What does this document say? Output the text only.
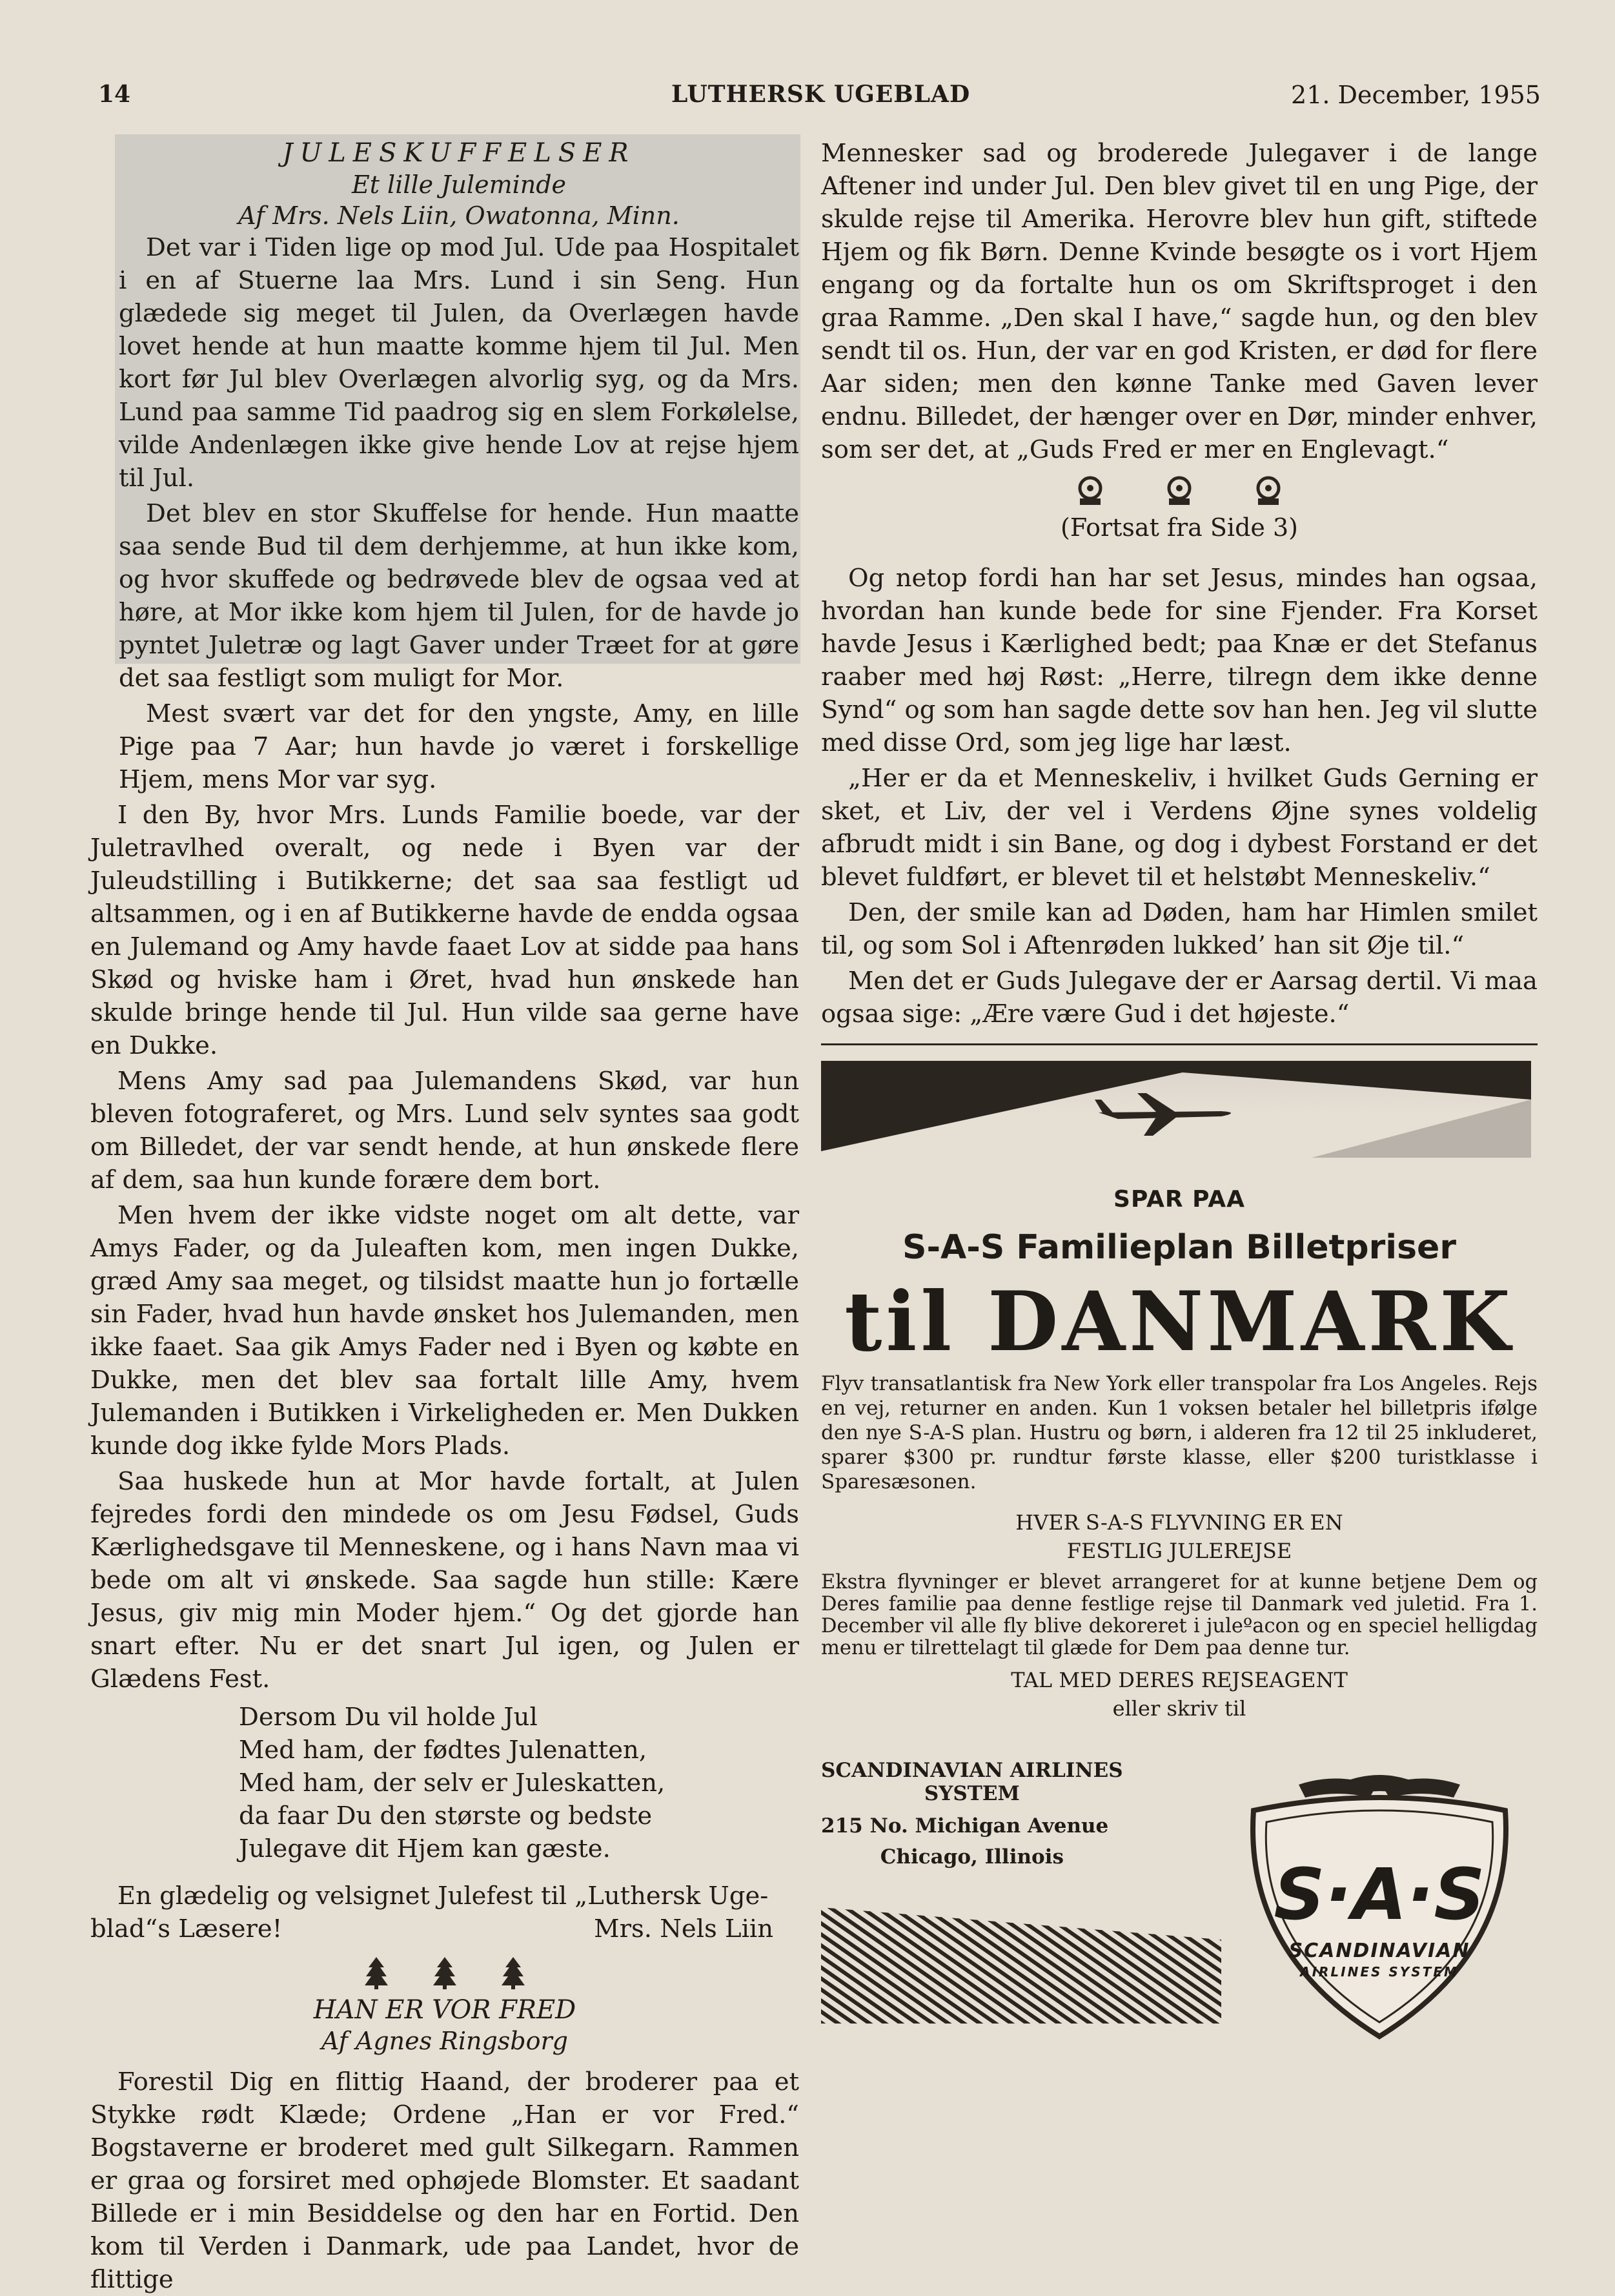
14	LUTHERSK UGEBLAD	21. December, 1955

JULESKUFFELSER

Et lille Juleminde

Af Mrs. Nels Liin, Owatonna, Minn.

Det var i Tiden lige op mod Jul. Ude paa Hospitalet i en af Stuerne laa Mrs. Lund i sin Seng. Hun glædede sig meget til Julen, da Overlægen havde lovet hende at hun maatte komme hjem til Jul. Men kort før Jul blev Overlægen alvorlig syg, og da Mrs. Lund paa samme Tid paadrog sig en slem Forkølelse, vilde Andenlægen ikke give hende Lov at rejse hjem til Jul.

Det blev en stor Skuffelse for hende. Hun maatte saa sende Bud til dem derhjemme, at hun ikke kom, og hvor skuffede og bedrøvede blev de ogsaa ved at høre, at Mor ikke kom hjem til Julen, for de havde jo pyntet Juletræ og lagt Gaver under Træet for at gøre det saa festligt som muligt for Mor.

Mest svært var det for den yngste, Amy, en lille Pige paa 7 Aar; hun havde jo været i forskellige Hjem, mens Mor var syg.

I den By, hvor Mrs. Lunds Familie boede, var der Juletravlhed overalt, og nede i Byen var der Juleudstilling i Butikkerne; det saa saa festligt ud altsammen, og i en af Butikkerne havde de endda ogsaa en Julemand og Amy havde faaet Lov at sidde paa hans Skød og hviske ham i Øret, hvad hun ønskede han skulde bringe hende til Jul. Hun vilde saa gerne have en Dukke.

Mens Amy sad paa Julemandens Skød, var hun bleven fotograferet, og Mrs. Lund selv syntes saa godt om Billedet, der var sendt hende, at hun ønskede flere af dem, saa hun kunde forære dem bort.

Men hvem der ikke vidste noget om alt dette, var Amys Fader, og da Juleaften kom, men ingen Dukke, græd Amy saa meget, og tilsidst maatte hun jo fortælle sin Fader, hvad hun havde ønsket hos Julemanden, men ikke faaet. Saa gik Amys Fader ned i Byen og købte en Dukke, men det blev saa fortalt lille Amy, hvem Julemanden i Butikken i Virkeligheden er. Men Dukken kunde dog ikke fylde Mors Plads.

Saa huskede hun at Mor havde fortalt, at Julen fejredes fordi den mindede os om Jesu Fødsel, Guds Kærlighedsgave til Menneskene, og i hans Navn maa vi bede om alt vi ønskede. Saa sagde hun stille: Kære Jesus, giv mig min Moder hjem.“ Og det gjorde han snart efter. Nu er det snart Jul igen, og Julen er Glædens Fest.

Dersom Du vil holde Jul
Med ham, der fødtes Julenatten,
Med ham, der selv er Juleskatten,
da faar Du den største og bedste
Julegave dit Hjem kan gæste.
En glædelig og velsignet Julefest til „Luthersk Uge-
blad“s Læsere!	Mrs. Nels Liin

HAN ER VOR FRED

Af Agnes Ringsborg

Forestil Dig en flittig Haand, der broderer paa et Stykke rødt Klæde; Ordene „Han er vor Fred.“ Bogstaverne er broderet med gult Silkegarn. Rammen er graa og forsiret med ophøjede Blomster. Et saadant Billede er i min Besiddelse og den har en Fortid. Den kom til Verden i Danmark, ude paa Landet, hvor de flittige

Mennesker sad og broderede Julegaver i de lange Aftener ind under Jul. Den blev givet til en ung Pige, der skulde rejse til Amerika. Herovre blev hun gift, stiftede Hjem og fik Børn. Denne Kvinde besøgte os i vort Hjem engang og da fortalte hun os om Skriftsproget i den graa Ramme. „Den skal I have,“ sagde hun, og den blev sendt til os. Hun, der var en god Kristen, er død for flere Aar siden; men den kønne Tanke med Gaven lever endnu. Billedet, der hænger over en Dør, minder enhver, som ser det, at „Guds Fred er mer en Englevagt.“

(Fortsat fra Side 3)

Og netop fordi han har set Jesus, mindes han ogsaa, hvordan han kunde bede for sine Fjender. Fra Korset havde Jesus i Kærlighed bedt; paa Knæ er det Stefanus raaber med høj Røst: „Herre, tilregn dem ikke denne Synd“ og som han sagde dette sov han hen. Jeg vil slutte med disse Ord, som jeg lige har læst.

„Her er da et Menneskeliv, i hvilket Guds Gerning er sket, et Liv, der vel i Verdens Øjne synes voldelig afbrudt midt i sin Bane, og dog i dybest Forstand er det blevet fuldført, er blevet til et helstøbt Menneskeliv.“

Den, der smile kan ad Døden, ham har Himlen smilet til, og som Sol i Aftenrøden lukked’ han sit Øje til.“

Men det er Guds Julegave der er Aarsag dertil. Vi maa ogsaa sige: „Ære være Gud i det højeste.“

SPAR PAA

S-A-S Familieplan Billetpriser

til DANMARK

Flyv transatlantisk fra New York eller transpolar fra Los Angeles. Rejs en vej, returner en anden. Kun 1 voksen betaler hel billetpris ifølge den nye S-A-S plan. Hustru og børn, i alderen fra 12 til 25 inkluderet, sparer $300 pr. rundtur første klasse, eller $200 turistklasse i Sparesæsonen.

HVER S-A-S FLYVNING ER EN

FESTLIG JULEREJSE

Ekstra flyvninger er blevet arrangeret for at kunne betjene Dem og Deres familie paa denne festlige rejse til Danmark ved juletid. Fra 1. December vil alle fly blive dekoreret i juleºacon og en speciel helligdag menu er tilrettelagt til glæde for Dem paa denne tur.

TAL MED DERES REJSEAGENT

eller skriv til

SCANDINAVIAN AIRLINES
SYSTEM
215 No. Michigan Avenue
Chicago, Illinois	S·A·S
SCANDINAVIAN
AIRLINES SYSTEM
